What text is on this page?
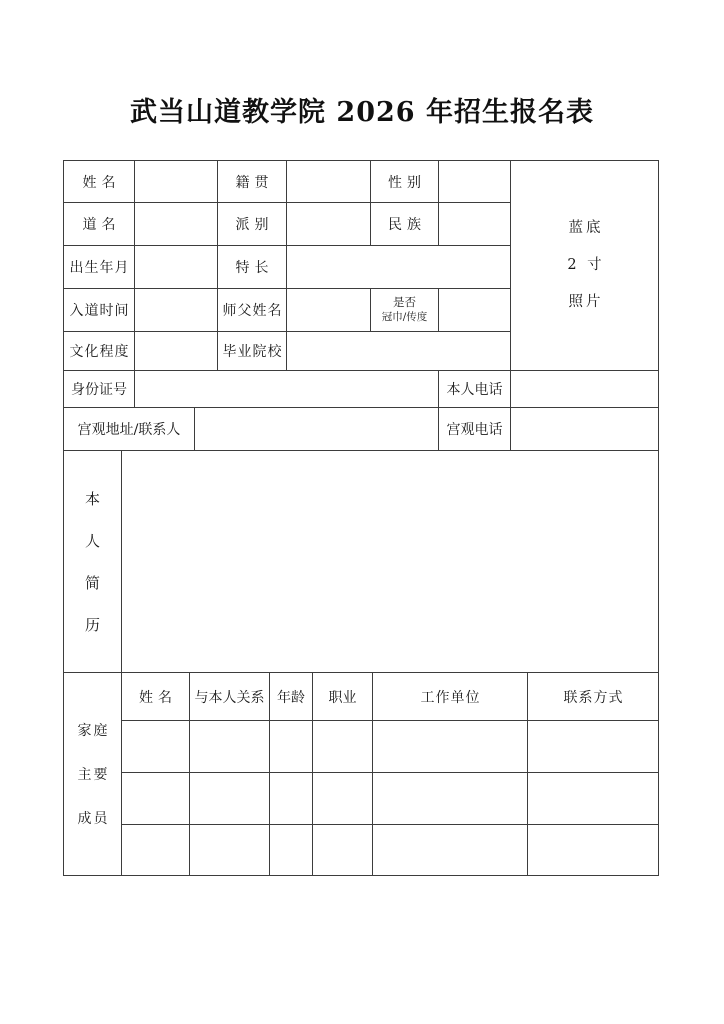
武当山道教学院 2026 年招生报名表
姓名		籍贯		性别		蓝底
2 寸
照片

道名		派别		民族		
出生年月		特长				
入道时间		师父姓名		是否
冠巾/传度		

文化程度		毕业院校				
身份证号		本人电话	
宫观地址/联系人		宫观电话	
本
人
简
历

家庭
主要
成员	姓名	与本人关系	年龄	职业	工作单位	联系方式
